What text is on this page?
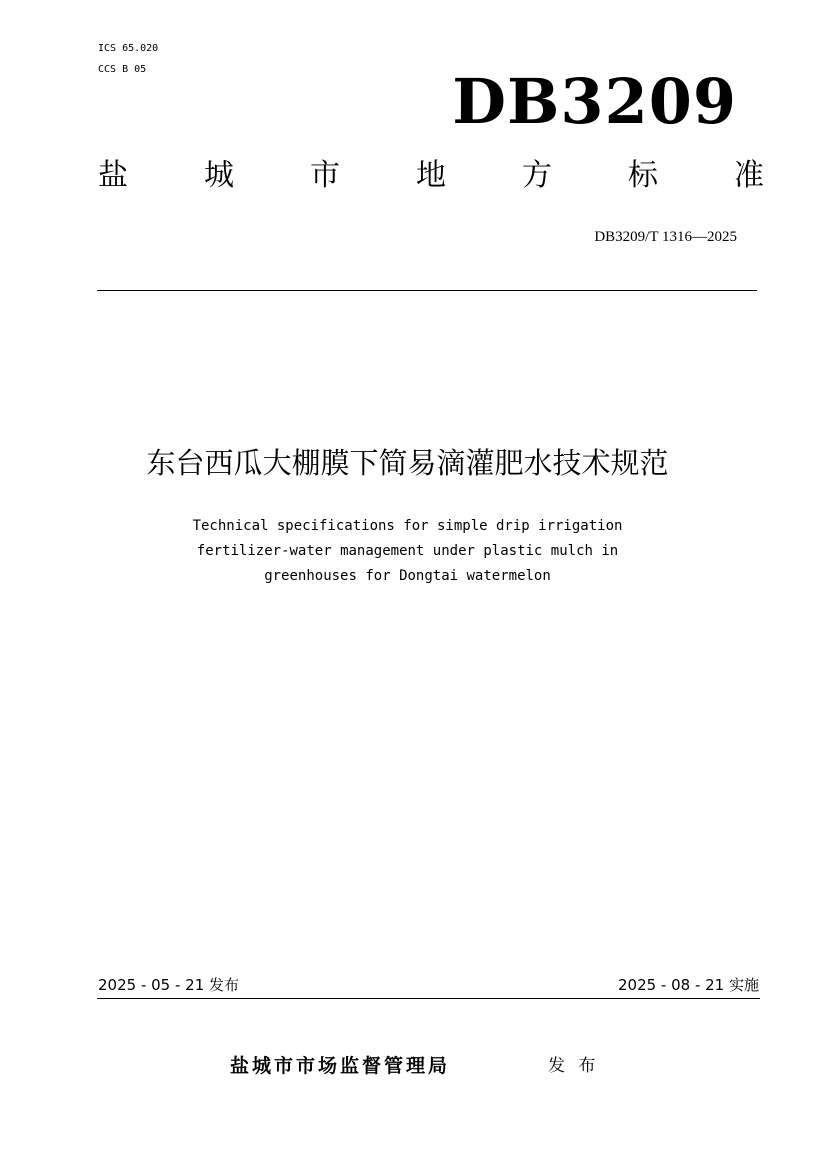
ICS 65.020
CCS B 05	DB3209
盐	城	市	地	方	标	准
DB3209/T 1316—2025
东台西瓜大棚膜下简易滴灌肥水技术规范
Technical specifications for simple drip irrigation
fertilizer-water management under plastic mulch in
greenhouses for Dongtai watermelon
2025 - 05 - 21 发布	2025 - 08 - 21 实施
盐城市市场监督管理局	发 布
